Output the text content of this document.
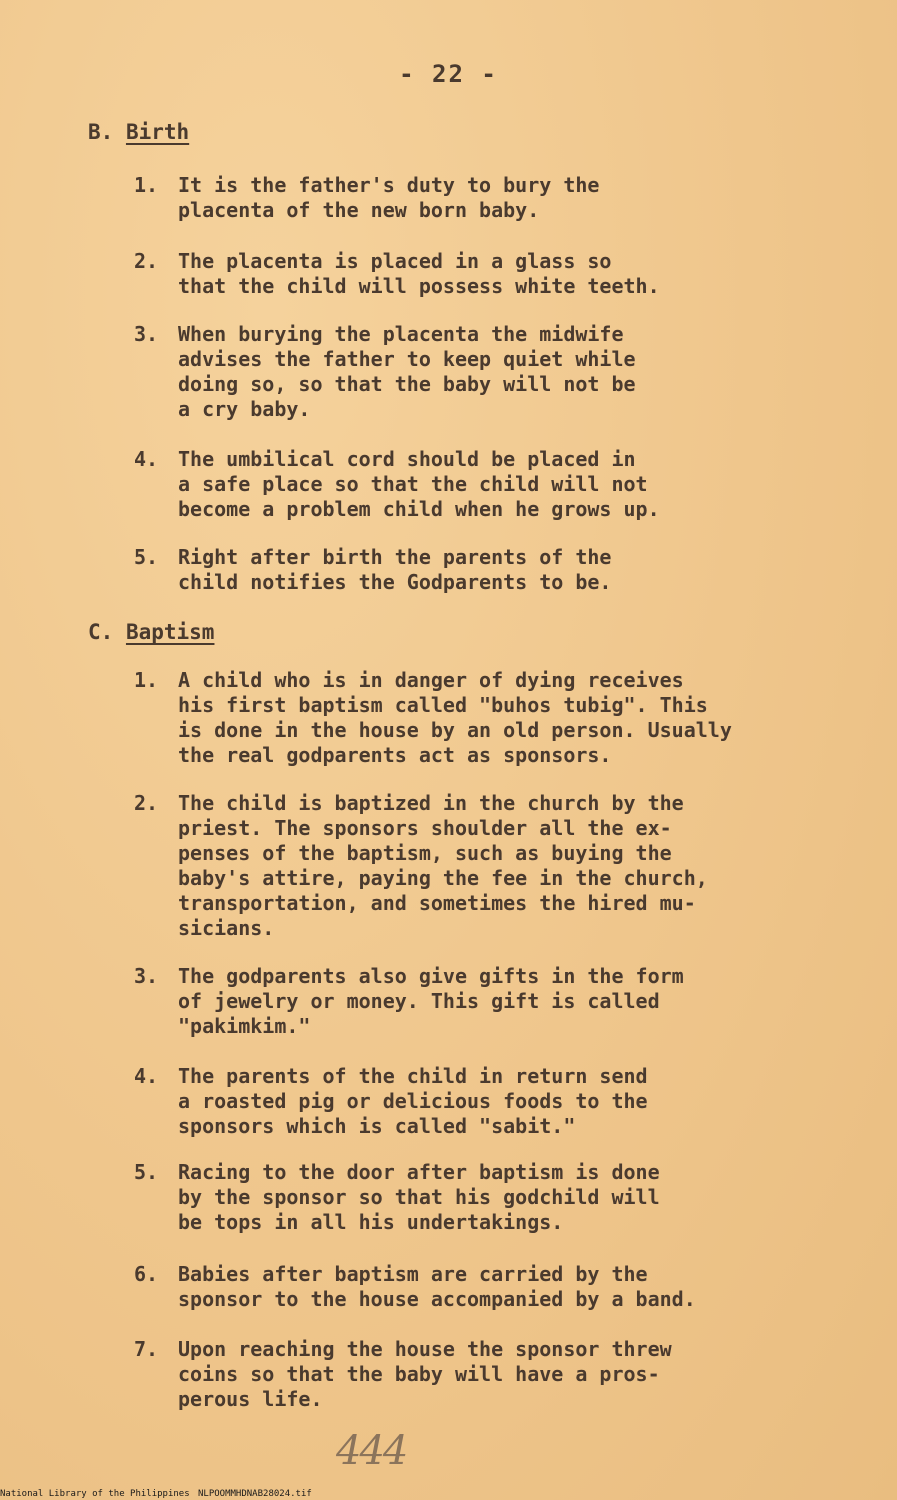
- 22 -
B. Birth
1. It is the father's duty to bury the
placenta of the new born baby.
2. The placenta is placed in a glass so
that the child will possess white teeth.
3. When burying the placenta the midwife
advises the father to keep quiet while
doing so, so that the baby will not be
a cry baby.
4. The umbilical cord should be placed in
a safe place so that the child will not
become a problem child when he grows up.
5. Right after birth the parents of the
child notifies the Godparents to be.
C. Baptism
1. A child who is in danger of dying receives
his first baptism called "buhos tubig". This
is done in the house by an old person. Usually
the real godparents act as sponsors.
2. The child is baptized in the church by the
priest. The sponsors shoulder all the ex-
penses of the baptism, such as buying the
baby's attire, paying the fee in the church,
transportation, and sometimes the hired mu-
sicians.
3. The godparents also give gifts in the form
of jewelry or money. This gift is called
"pakimkim."
4. The parents of the child in return send
a roasted pig or delicious foods to the
sponsors which is called "sabit."
5. Racing to the door after baptism is done
by the sponsor so that his godchild will
be tops in all his undertakings.
6. Babies after baptism are carried by the
sponsor to the house accompanied by a band.
7. Upon reaching the house the sponsor threw
coins so that the baby will have a pros-
perous life.
444
National Library of the Philippines NLPOOMMHDNAB28024.tif
